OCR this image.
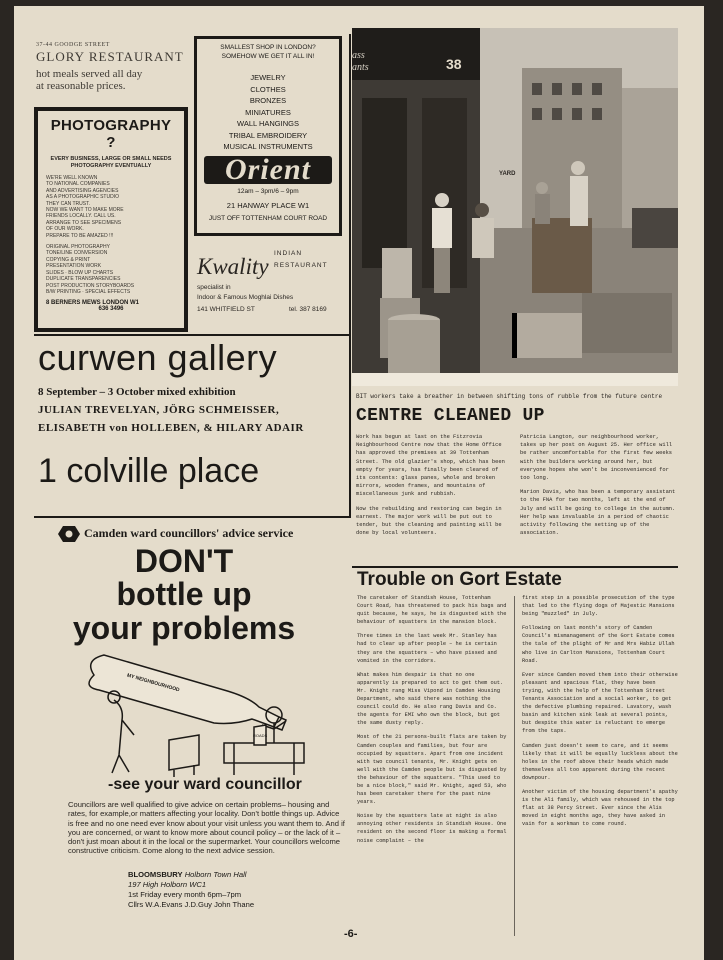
37-44 GOODGE STREET
GLORY RESTAURANT
hot meals served all day
at reasonable prices.
PHOTOGRAPHY ?
EVERY BUSINESS, LARGE OR SMALL NEEDS PHOTOGRAPHY EVENTUALLY
WE'RE WELL KNOWN
TO NATIONAL COMPANIES
AND ADVERTISING AGENCIES
AS A PHOTOGRAPHIC STUDIO
THEY CAN TRUST.
NOW WE WANT TO MAKE MORE
FRIENDS LOCALLY. CALL US.
ARRANGE TO SEE SPECIMENS
OF OUR WORK.
PREPARE TO BE AMAZED !!!
ORIGINAL PHOTOGRAPHY
TONE/LINE CONVERSION
COPYING & PRINT
PRESENTATION WORK
SLIDES · BLOW UP CHARTS
DUPLICATE TRANSPARENCIES
POST PRODUCTION STORYBOARDS
B/W PRINTING · SPECIAL EFFECTS
8 BERNERS MEWS LONDON W1
636 3496
SMALLEST SHOP IN LONDON?
SOMEHOW WE GET IT ALL IN!
JEWELRY
CLOTHES
BRONZES
MINIATURES
WALL HANGINGS
TRIBAL EMBROIDERY
MUSICAL INSTRUMENTS
Orient
12am – 3pm/6 – 9pm
21 HANWAY PLACE W1
JUST OFF TOTTENHAM COURT ROAD
Kwality
INDIAN
RESTAURANT
specialist in
Indoor & Famous Moghlai Dishes
141 WHITFIELD ST	tel. 387 8169
curwen gallery
8 September – 3 October mixed exhibition
JULIAN TREVELYAN, JÖRG SCHMEISSER,
ELISABETH von HOLLEBEN, & HILARY ADAIR
1 colville place
Camden ward councillors' advice service
DON'T
bottle up
your problems
MY NEIGHBOURHOOD
ROADS
-see your ward councillor
Councillors are well qualified to give advice on certain problems– housing and rates, for example,or matters affecting your locality. Don't bottle things up. Advice is free and no one need ever know about your visit unless you want them to. And if you are concerned, or want to know more about council policy – or the lack of it – don't just moan about it in the local or the supermarket. Your councillors welcome constructive criticism. Come along to the next advice session.
BLOOMSBURY Holborn Town Hall
197 High Holborn WC1
1st Friday every month 6pm–7pm
Cllrs W.A.Evans J.D.Guy John Thane
ass
ants	38
YARD
BIT workers take a breather in between shifting tons of rubble from the future centre
CENTRE CLEANED UP

Work has begun at last on the Fitzrovia Neighbourhood Centre now that the Home Office has approved the premises at 39 Tottenham Street. The old glazier's shop, which has been empty for years, has finally been cleared of its contents: glass panes, whole and broken mirrors, wooden frames, and mountains of miscellaneous junk and rubbish.

Now the rebuilding and restoring can begin in earnest. The major work will be put out to tender, but the cleaning and painting will be done by local volunteers.

Patricia Langton, our neighbourhood worker, takes up her post on August 25. Her office will be rather uncomfortable for the first few weeks with the builders working around her, but everyone hopes she won't be inconvenienced for too long.

Marion Davis, who has been a temporary assistant to the FNA for two months, left at the end of July and will be going to college in the autumn. Her help was invaluable in a period of chaotic activity following the setting up of the association.

Trouble on Gort Estate

The caretaker of Standish House, Tottenham Court Road, has threatened to pack his bags and quit because, he says, he is disgusted with the behaviour of squatters in the mansion block.

Three times in the last week Mr. Stanley has had to clear up after people – he is certain they are the squatters – who have pissed and vomited in the corridors.

What makes him despair is that no one apparently is prepared to act to get them out. Mr. Knight rang Miss Vipond in Camden Housing Department, who said there was nothing the council could do. He also rang Davis and Co. the agents for EMI who own the block, but got the same dusty reply.

Most of the 21 persons-built flats are taken by Camden couples and families, but four are occupied by squatters. Apart from one incident with two council tenants, Mr. Knight gets on well with the Camden people but is disgusted by the behaviour of the squatters. "This used to be a nice block," said Mr. Knight, aged 53, who has been caretaker there for the past nine years.

Noise by the squatters late at night is also annoying other residents in Standish House. One resident on the second floor is making a formal noise complaint – the

first step in a possible prosecution of the type that led to the flying dogs of Majestic Mansions being "muzzled" in July.

Following on last month's story of Camden Council's mismanagement of the Gort Estate comes the tale of the plight of Mr and Mrs Habiz Ullah who live in Carlton Mansions, Tottenham Court Road.

Ever since Camden moved them into their otherwise pleasant and spacious flat, they have been trying, with the help of the Tottenham Street Tenants Association and a social worker, to get the defective plumbing repaired. Lavatory, wash basin and kitchen sink leak at several points, but despite this water is reluctant to emerge from the taps.

Camden just doesn't seem to care, and it seems likely that it will be equally luckless about the holes in the roof above their heads which made themselves all too apparent during the recent downpour.

Another victim of the housing department's apathy is the Ali family, which was rehoused in the top flat at 38 Percy Street. Ever since the Alis moved in eight months ago, they have asked in vain for a workman to come round.

-6-
